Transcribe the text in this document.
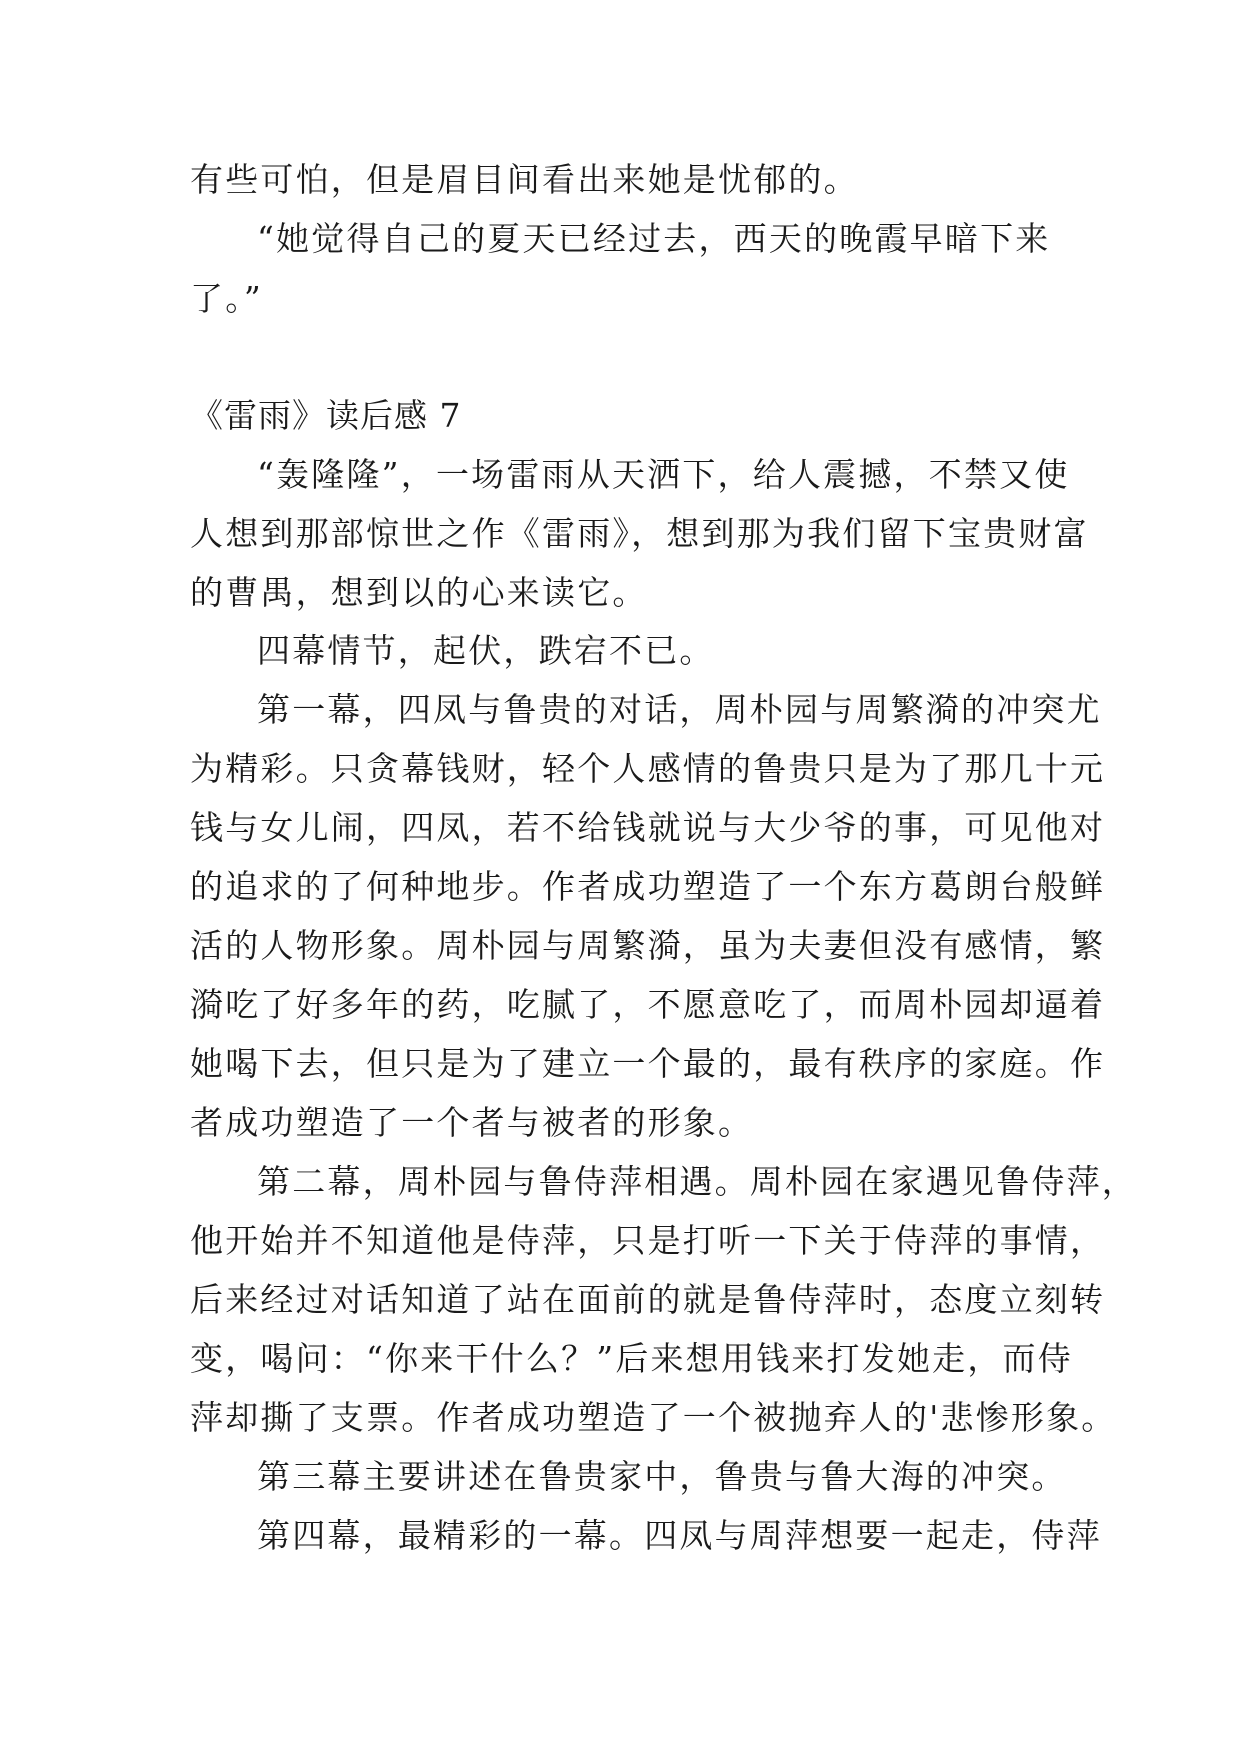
有些可怕，但是眉目间看出来她是忧郁的。
“她觉得自己的夏天已经过去，西天的晚霞早暗下来
了。”
《雷雨》读后感 7
“轰隆隆”，一场雷雨从天洒下，给人震撼，不禁又使
人想到那部惊世之作《雷雨》，想到那为我们留下宝贵财富
的曹禺，想到以的心来读它。
四幕情节，起伏，跌宕不已。
第一幕，四凤与鲁贵的对话，周朴园与周繁漪的冲突尤
为精彩。只贪幕钱财，轻个人感情的鲁贵只是为了那几十元
钱与女儿闹，四凤，若不给钱就说与大少爷的事，可见他对
的追求的了何种地步。作者成功塑造了一个东方葛朗台般鲜
活的人物形象。周朴园与周繁漪，虽为夫妻但没有感情，繁
漪吃了好多年的药，吃腻了，不愿意吃了，而周朴园却逼着
她喝下去，但只是为了建立一个最的，最有秩序的家庭。作
者成功塑造了一个者与被者的形象。
第二幕，周朴园与鲁侍萍相遇。周朴园在家遇见鲁侍萍，
他开始并不知道他是侍萍，只是打听一下关于侍萍的事情，
后来经过对话知道了站在面前的就是鲁侍萍时，态度立刻转
变，喝问：“你来干什么？”后来想用钱来打发她走，而侍
萍却撕了支票。作者成功塑造了一个被抛弃人的'悲惨形象。
第三幕主要讲述在鲁贵家中，鲁贵与鲁大海的冲突。
第四幕，最精彩的一幕。四凤与周萍想要一起走，侍萍
